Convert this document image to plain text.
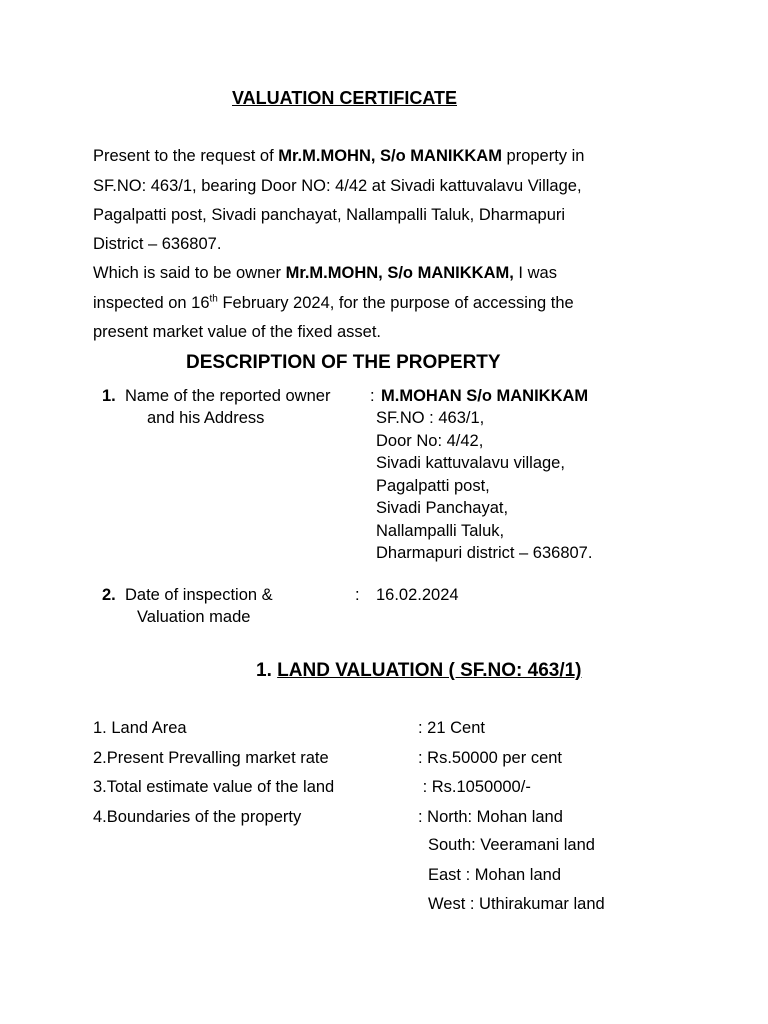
VALUATION CERTIFICATE
Present to the request of Mr.M.MOHN, S/o MANIKKAM property in
SF.NO: 463/1, bearing Door NO: 4/42 at Sivadi kattuvalavu Village,
Pagalpatti post, Sivadi panchayat, Nallampalli Taluk, Dharmapuri
District – 636807.
Which is said to be owner Mr.M.MOHN, S/o MANIKKAM, I was
inspected on 16th February 2024, for the purpose of accessing the
present market value of the fixed asset.
DESCRIPTION OF THE PROPERTY
1. Name of the reported owner
and his Address
: M.MOHAN S/o MANIKKAM
SF.NO : 463/1,
Door No: 4/42,
Sivadi kattuvalavu village,
Pagalpatti post,
Sivadi Panchayat,
Nallampalli Taluk,
Dharmapuri district – 636807.
2. Date of inspection &
Valuation made
: 16.02.2024
1. LAND VALUATION ( SF.NO: 463/1)
1. Land Area	: 21 Cent
2.Present Prevalling market rate	: Rs.50000 per cent
3.Total estimate value of the land	: Rs.1050000/-
4.Boundaries of the property	: North: Mohan land
South: Veeramani land
East : Mohan land
West : Uthirakumar land
